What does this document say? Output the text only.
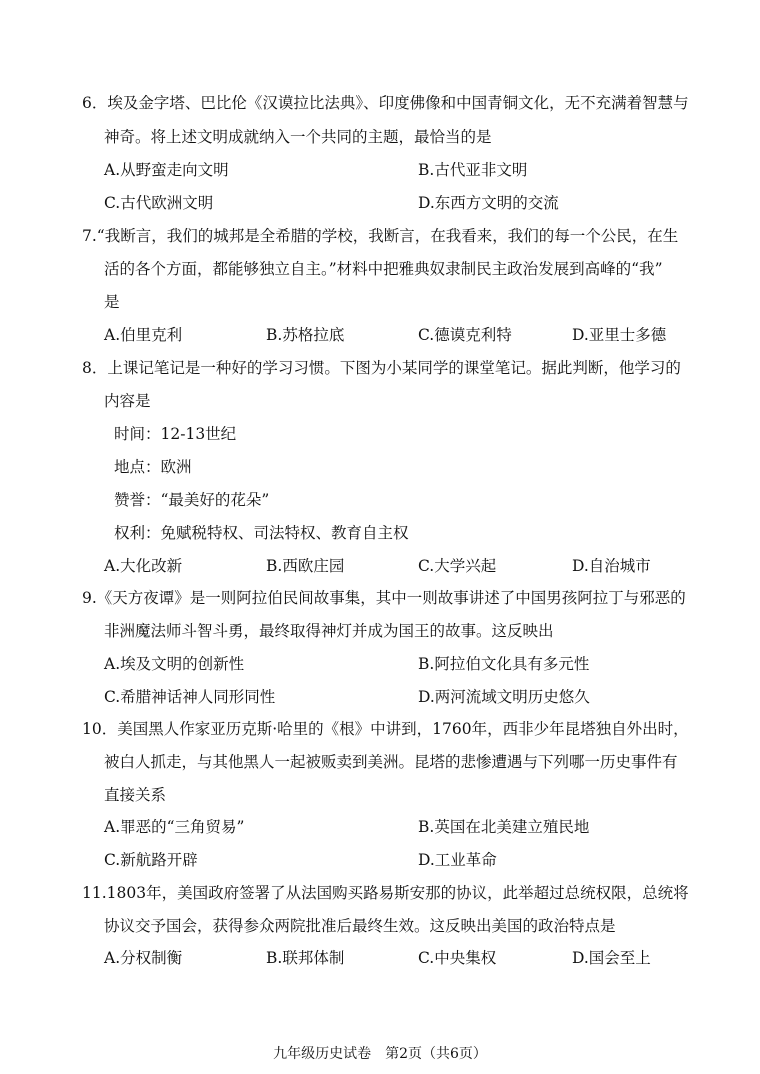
6．埃及金字塔、巴比伦《汉谟拉比法典》、印度佛像和中国青铜文化，无不充满着智慧与
神奇。将上述文明成就纳入一个共同的主题，最恰当的是
A.从野蛮走向文明	B.古代亚非文明
C.古代欧洲文明	D.东西方文明的交流
7.“我断言，我们的城邦是全希腊的学校，我断言，在我看来，我们的每一个公民，在生
活的各个方面，都能够独立自主。”材料中把雅典奴隶制民主政治发展到高峰的“我”
是
A.伯里克利	B.苏格拉底	C.德谟克利特	D.亚里士多德
8．上课记笔记是一种好的学习习惯。下图为小某同学的课堂笔记。据此判断，他学习的
内容是
时间：12-13世纪
地点：欧洲
赞誉：“最美好的花朵”
权利：免赋税特权、司法特权、教育自主权
A.大化改新	B.西欧庄园	C.大学兴起	D.自治城市
9.《天方夜谭》是一则阿拉伯民间故事集，其中一则故事讲述了中国男孩阿拉丁与邪恶的
非洲魔法师斗智斗勇，最终取得神灯并成为国王的故事。这反映出
A.埃及文明的创新性	B.阿拉伯文化具有多元性
C.希腊神话神人同形同性	D.两河流域文明历史悠久
10．美国黑人作家亚历克斯·哈里的《根》中讲到，1760年，西非少年昆塔独自外出时，
被白人抓走，与其他黑人一起被贩卖到美洲。昆塔的悲惨遭遇与下列哪一历史事件有
直接关系
A.罪恶的“三角贸易”	B.英国在北美建立殖民地
C.新航路开辟	D.工业革命
11.1803年，美国政府签署了从法国购买路易斯安那的协议，此举超过总统权限，总统将
协议交予国会，获得参众两院批准后最终生效。这反映出美国的政治特点是
A.分权制衡	B.联邦体制	C.中央集权	D.国会至上
九年级历史试卷　第2页（共6页）
